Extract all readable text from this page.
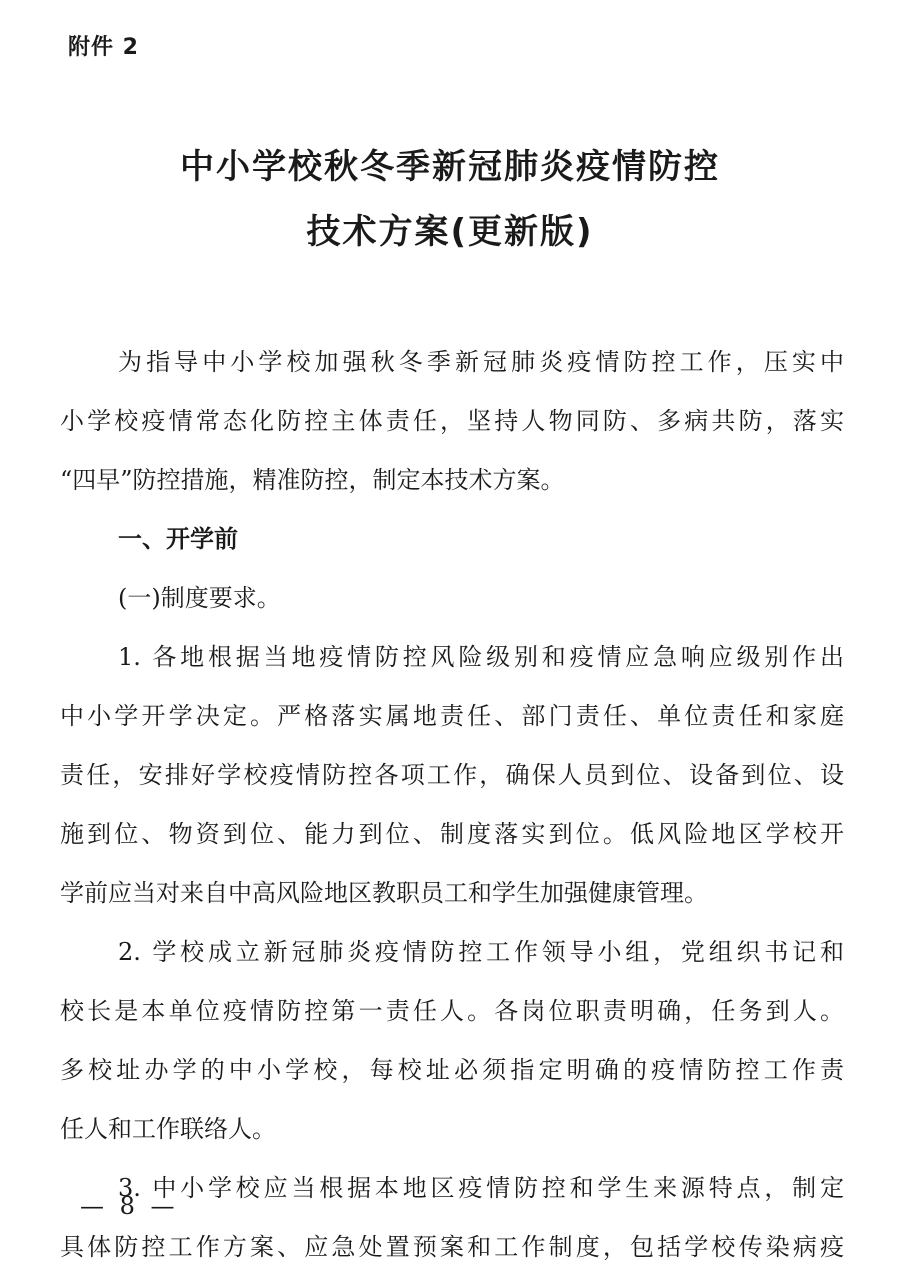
附件 2
中小学校秋冬季新冠肺炎疫情防控
技术方案(更新版)
为指导中小学校加强秋冬季新冠肺炎疫情防控工作，压实中
小学校疫情常态化防控主体责任，坚持人物同防、多病共防，落实
“四早”防控措施，精准防控，制定本技术方案。
一、开学前
(一)制度要求。
1. 各地根据当地疫情防控风险级别和疫情应急响应级别作出
中小学开学决定。严格落实属地责任、部门责任、单位责任和家庭
责任，安排好学校疫情防控各项工作，确保人员到位、设备到位、设
施到位、物资到位、能力到位、制度落实到位。低风险地区学校开
学前应当对来自中高风险地区教职员工和学生加强健康管理。
2. 学校成立新冠肺炎疫情防控工作领导小组，党组织书记和
校长是本单位疫情防控第一责任人。各岗位职责明确，任务到人。
多校址办学的中小学校，每校址必须指定明确的疫情防控工作责
任人和工作联络人。
3. 中小学校应当根据本地区疫情防控和学生来源特点，制定
具体防控工作方案、应急处置预案和工作制度，包括学校传染病疫
— 8 —
